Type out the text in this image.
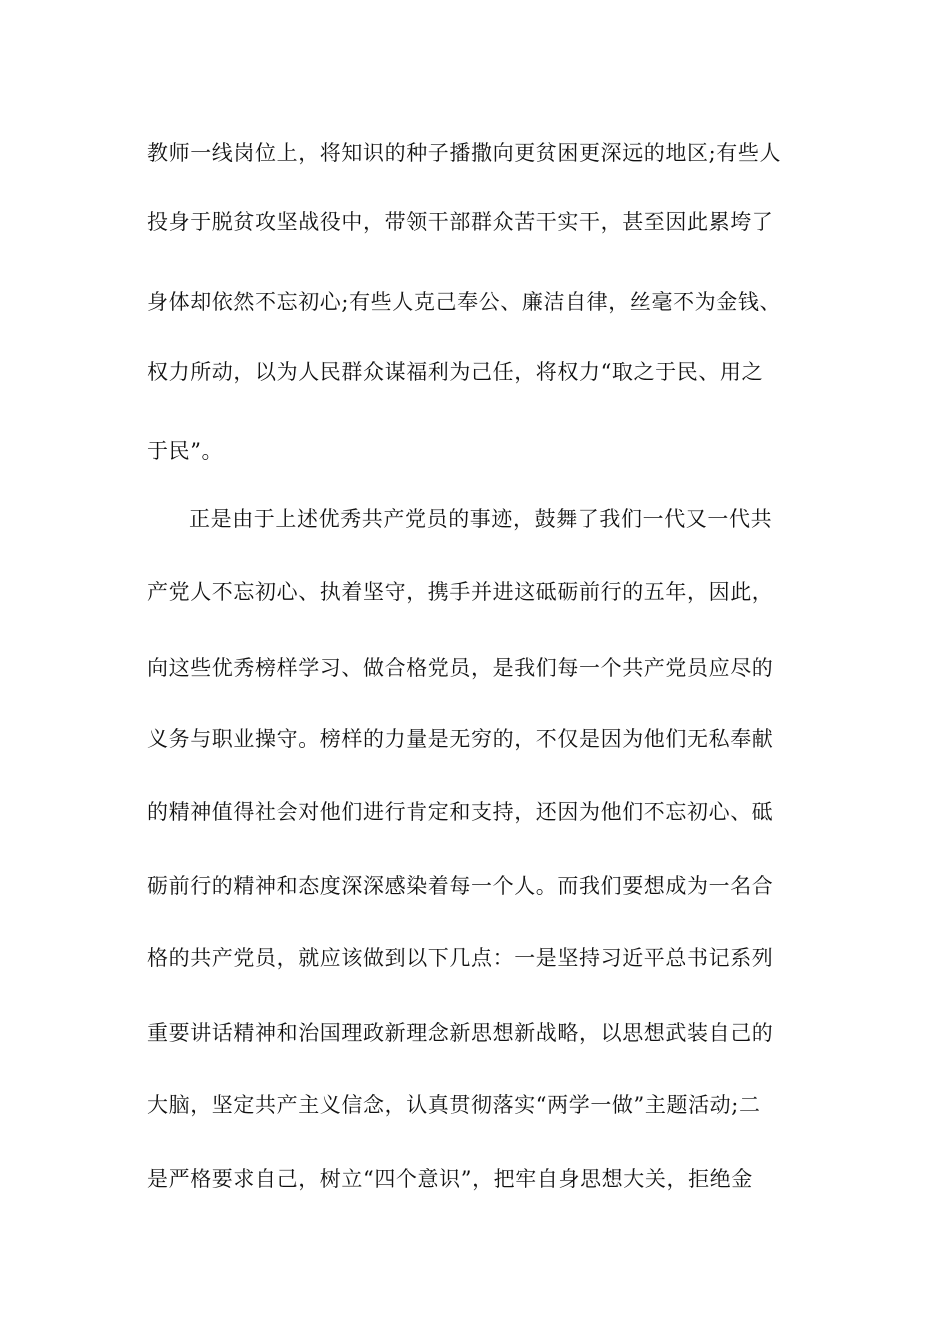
教师一线岗位上，将知识的种子播撒向更贫困更深远的地区;有些人
投身于脱贫攻坚战役中，带领干部群众苦干实干，甚至因此累垮了
身体却依然不忘初心;有些人克己奉公、廉洁自律，丝毫不为金钱、
权力所动，以为人民群众谋福利为己任，将权力“取之于民、用之
于民”。
正是由于上述优秀共产党员的事迹，鼓舞了我们一代又一代共
产党人不忘初心、执着坚守，携手并进这砥砺前行的五年，因此，
向这些优秀榜样学习、做合格党员，是我们每一个共产党员应尽的
义务与职业操守。榜样的力量是无穷的，不仅是因为他们无私奉献
的精神值得社会对他们进行肯定和支持，还因为他们不忘初心、砥
砺前行的精神和态度深深感染着每一个人。而我们要想成为一名合
格的共产党员，就应该做到以下几点：一是坚持习近平总书记系列
重要讲话精神和治国理政新理念新思想新战略，以思想武装自己的
大脑，坚定共产主义信念，认真贯彻落实“两学一做”主题活动;二
是严格要求自己，树立“四个意识”，把牢自身思想大关，拒绝金
